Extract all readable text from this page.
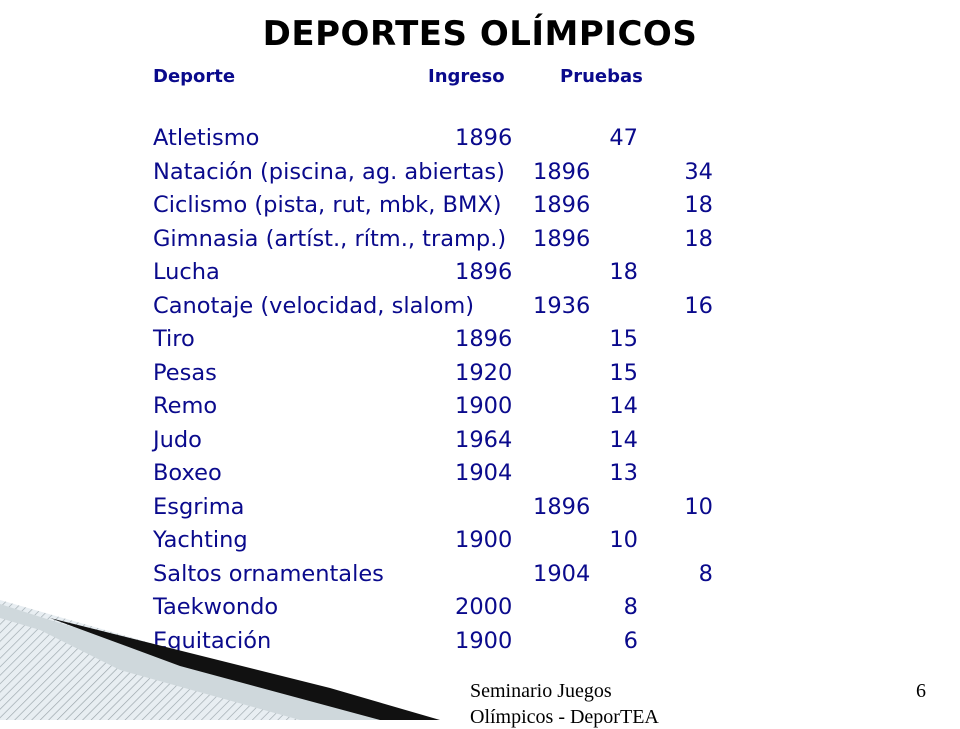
DEPORTES OLÍMPICOS
Deporte	Ingreso	Pruebas
Atletismo	1896	47
Natación (piscina, ag. abiertas) 1896	34
Ciclismo (pista, rut, mbk, BMX) 1896	18
Gimnasia (artíst., rítm., tramp.) 1896	18
Lucha	1896	18
Canotaje (velocidad, slalom)	1936	16
Tiro	1896	15
Pesas	1920	15
Remo	1900	14
Judo	1964	14
Boxeo	1904	13
Esgrima	1896	10
Yachting	1900	10
Saltos ornamentales	1904	8
Taekwondo	2000	8
Equitación	1900	6
Seminario Juegos
Olímpicos - DeporTEA
6
